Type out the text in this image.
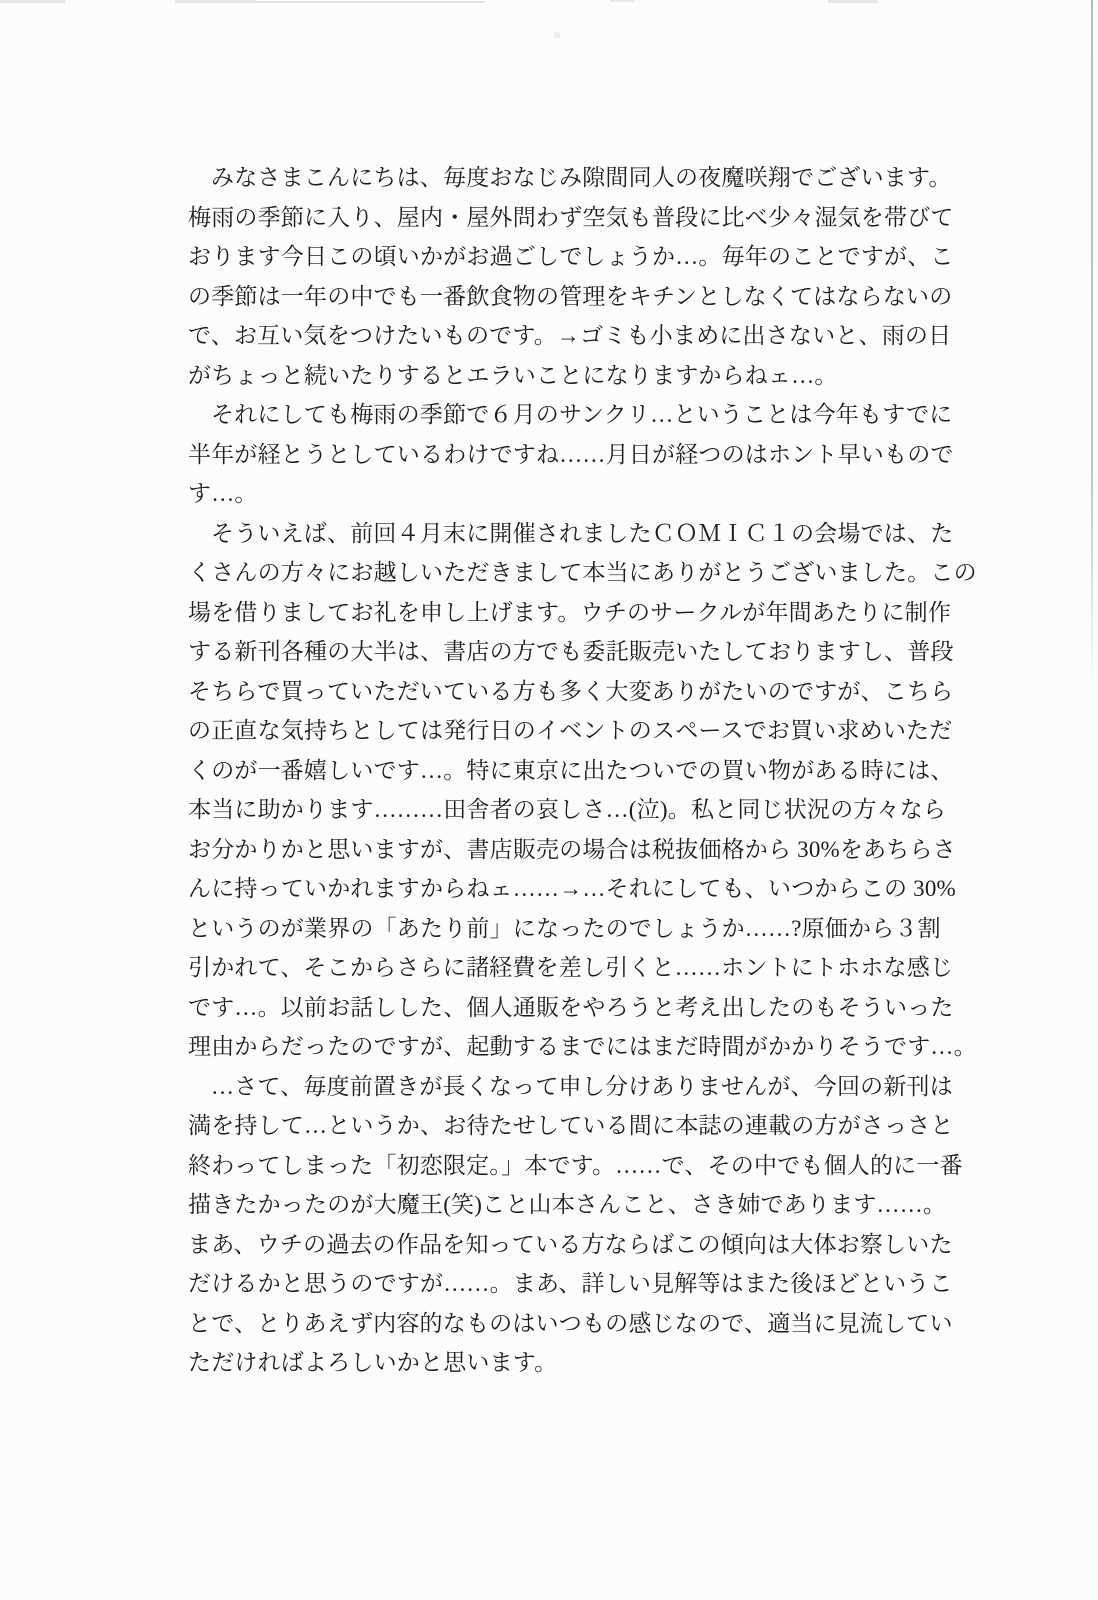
みなさまこんにちは、毎度おなじみ隙間同人の夜魔咲翔でございます。
梅雨の季節に入り、屋内・屋外問わず空気も普段に比べ少々湿気を帯びて
おります今日この頃いかがお過ごしでしょうか…。毎年のことですが、こ
の季節は一年の中でも一番飲食物の管理をキチンとしなくてはならないの
で、お互い気をつけたいものです。→ゴミも小まめに出さないと、雨の日
がちょっと続いたりするとエラいことになりますからねェ…。
それにしても梅雨の季節で６月のサンクリ…ということは今年もすでに
半年が経とうとしているわけですね……月日が経つのはホント早いもので
す…。
そういえば、前回４月末に開催されましたＣＯＭＩＣ１の会場では、た
くさんの方々にお越しいただきまして本当にありがとうございました。この
場を借りましてお礼を申し上げます。ウチのサークルが年間あたりに制作
する新刊各種の大半は、書店の方でも委託販売いたしておりますし、普段
そちらで買っていただいている方も多く大変ありがたいのですが、こちら
の正直な気持ちとしては発行日のイベントのスペースでお買い求めいただ
くのが一番嬉しいです…。特に東京に出たついでの買い物がある時には、
本当に助かります………田舎者の哀しさ…(泣)。私と同じ状況の方々なら
お分かりかと思いますが、書店販売の場合は税抜価格から 30%をあちらさ
んに持っていかれますからねェ……→…それにしても、いつからこの 30%
というのが業界の「あたり前」になったのでしょうか……?原価から３割
引かれて、そこからさらに諸経費を差し引くと……ホントにトホホな感じ
です…。以前お話しした、個人通販をやろうと考え出したのもそういった
理由からだったのですが、起動するまでにはまだ時間がかかりそうです…。
…さて、毎度前置きが長くなって申し分けありませんが、今回の新刊は
満を持して…というか、お待たせしている間に本誌の連載の方がさっさと
終わってしまった「初恋限定。」本です。……で、その中でも個人的に一番
描きたかったのが大魔王(笑)こと山本さんこと、さき姉であります……。
まあ、ウチの過去の作品を知っている方ならばこの傾向は大体お察しいた
だけるかと思うのですが……。まあ、詳しい見解等はまた後ほどというこ
とで、とりあえず内容的なものはいつもの感じなので、適当に見流してい
ただければよろしいかと思います。
